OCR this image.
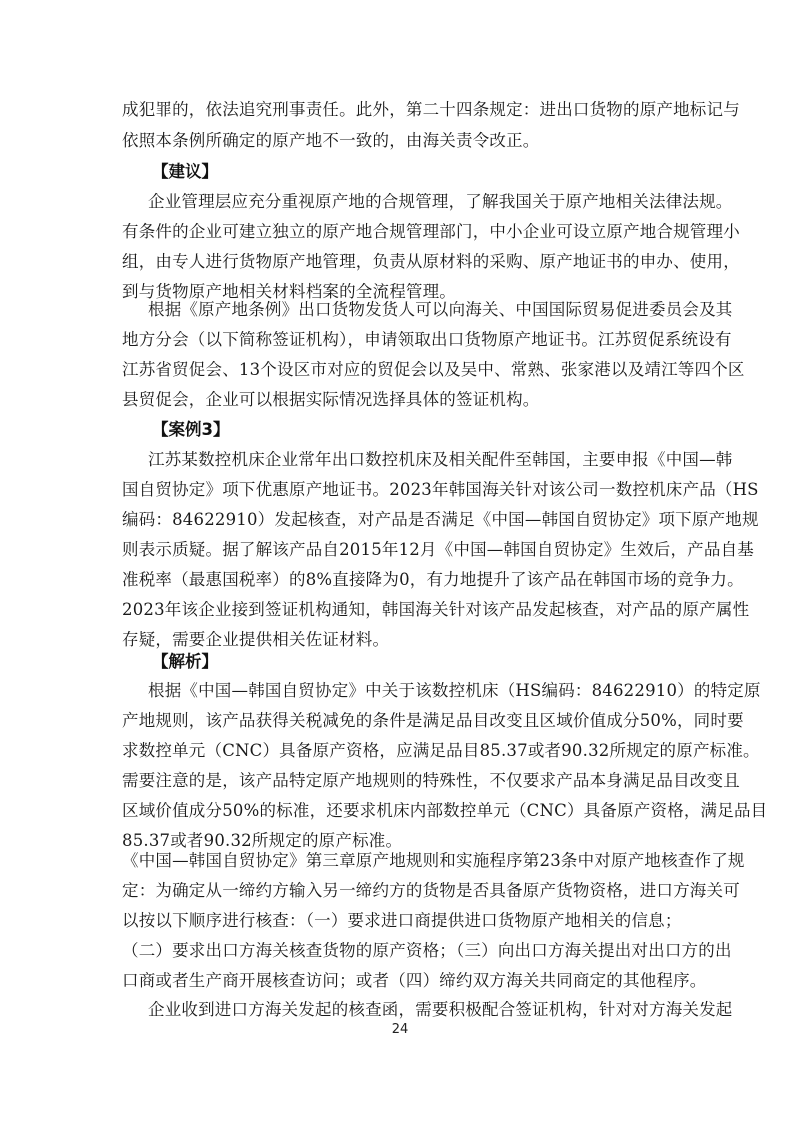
成犯罪的，依法追究刑事责任。此外，第二十四条规定：进出口货物的原产地标记与
依照本条例所确定的原产地不一致的，由海关责令改正。
【建议】
企业管理层应充分重视原产地的合规管理，了解我国关于原产地相关法律法规。
有条件的企业可建立独立的原产地合规管理部门，中小企业可设立原产地合规管理小
组，由专人进行货物原产地管理，负责从原材料的采购、原产地证书的申办、使用，
到与货物原产地相关材料档案的全流程管理。
根据《原产地条例》出口货物发货人可以向海关、中国国际贸易促进委员会及其
地方分会（以下简称签证机构），申请领取出口货物原产地证书。江苏贸促系统设有
江苏省贸促会、13个设区市对应的贸促会以及吴中、常熟、张家港以及靖江等四个区
县贸促会，企业可以根据实际情况选择具体的签证机构。
【案例3】
江苏某数控机床企业常年出口数控机床及相关配件至韩国，主要申报《中国—韩
国自贸协定》项下优惠原产地证书。2023年韩国海关针对该公司一数控机床产品（HS
编码：84622910）发起核查，对产品是否满足《中国—韩国自贸协定》项下原产地规
则表示质疑。据了解该产品自2015年12月《中国—韩国自贸协定》生效后，产品自基
准税率（最惠国税率）的8%直接降为0，有力地提升了该产品在韩国市场的竞争力。
2023年该企业接到签证机构通知，韩国海关针对该产品发起核查，对产品的原产属性
存疑，需要企业提供相关佐证材料。
【解析】
根据《中国—韩国自贸协定》中关于该数控机床（HS编码：84622910）的特定原
产地规则，该产品获得关税减免的条件是满足品目改变且区域价值成分50%，同时要
求数控单元（CNC）具备原产资格，应满足品目85.37或者90.32所规定的原产标准。
需要注意的是，该产品特定原产地规则的特殊性，不仅要求产品本身满足品目改变且
区域价值成分50%的标准，还要求机床内部数控单元（CNC）具备原产资格，满足品目
85.37或者90.32所规定的原产标准。
《中国—韩国自贸协定》第三章原产地规则和实施程序第23条中对原产地核查作了规
定：为确定从一缔约方输入另一缔约方的货物是否具备原产货物资格，进口方海关可
以按以下顺序进行核查：（一）要求进口商提供进口货物原产地相关的信息；
（二）要求出口方海关核查货物的原产资格；（三）向出口方海关提出对出口方的出
口商或者生产商开展核查访问；或者（四）缔约双方海关共同商定的其他程序。
企业收到进口方海关发起的核查函，需要积极配合签证机构，针对对方海关发起
24
